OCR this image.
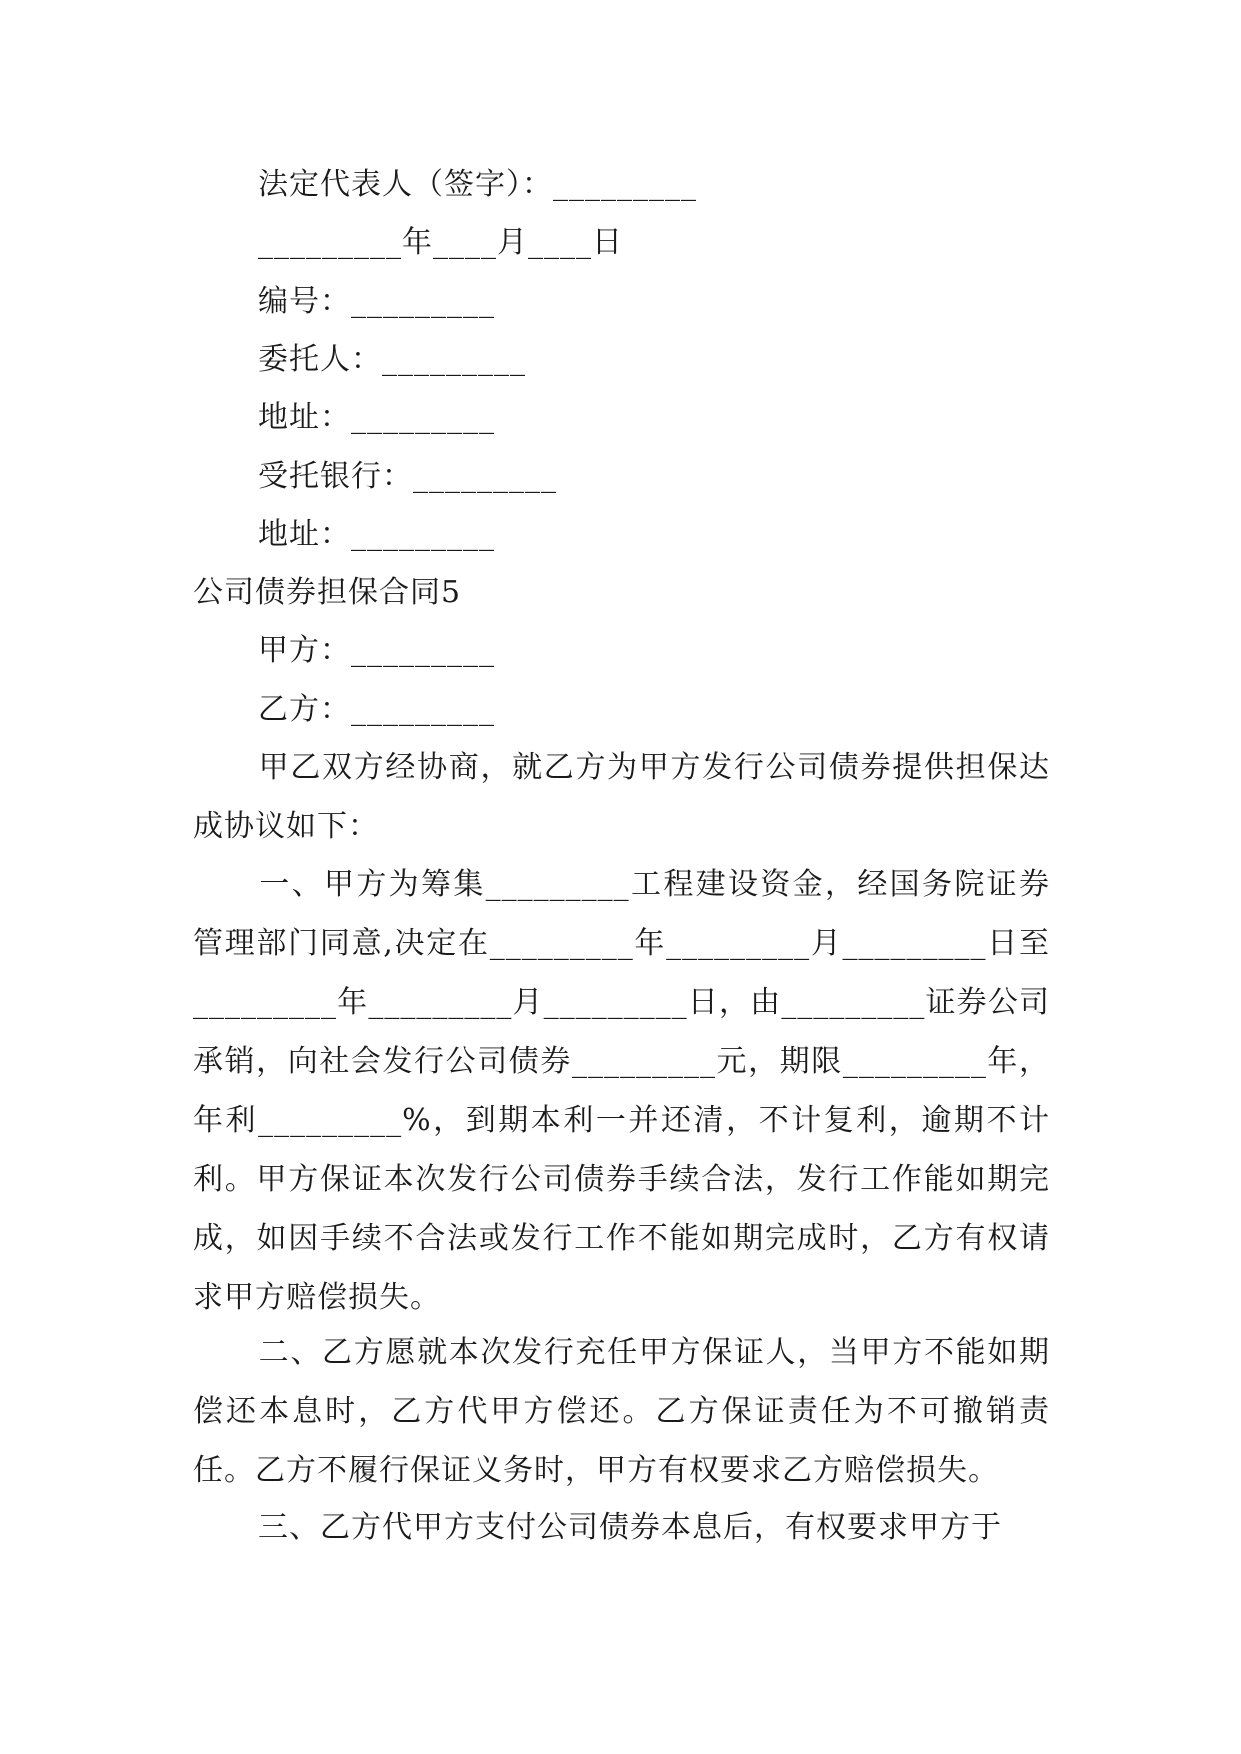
法定代表人（签字）：_________
_________年____月____日
编号：_________
委托人：_________
地址：_________
受托银行：_________
地址：_________
公司债券担保合同5
甲方：_________
乙方：_________
甲乙双方经协商，就乙方为甲方发行公司债券提供担保达成协议如下：
一、甲方为筹集_________工程建设资金，经国务院证券管理部门同意,决定在_________年_________月_________日至_________年_________月_________日，由_________证券公司承销，向社会发行公司债券_________元，期限_________年，年利_________%，到期本利一并还清，不计复利，逾期不计利。甲方保证本次发行公司债券手续合法，发行工作能如期完成，如因手续不合法或发行工作不能如期完成时，乙方有权请求甲方赔偿损失。
二、乙方愿就本次发行充任甲方保证人，当甲方不能如期偿还本息时，乙方代甲方偿还。乙方保证责任为不可撤销责任。乙方不履行保证义务时，甲方有权要求乙方赔偿损失。
三、乙方代甲方支付公司债券本息后，有权要求甲方于
